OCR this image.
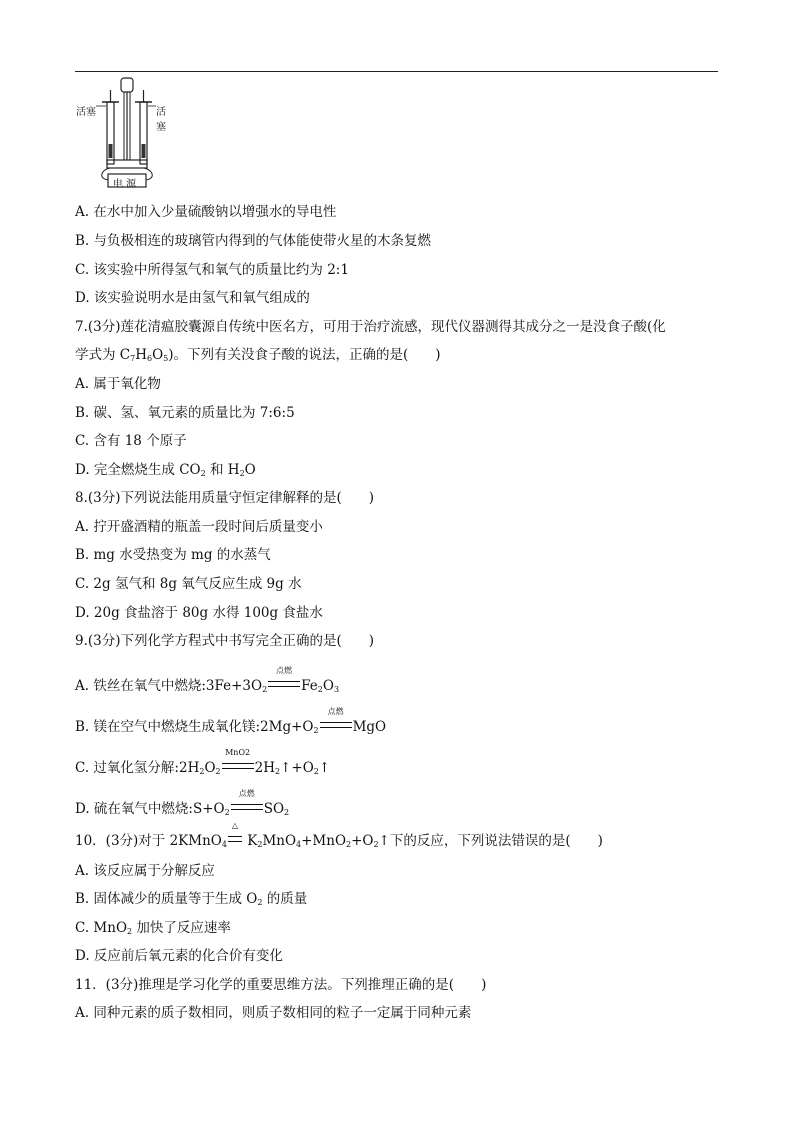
活塞	活塞
电 源
A. 在水中加入少量硫酸钠以增强水的导电性
B. 与负极相连的玻璃管内得到的气体能使带火星的木条复燃
C. 该实验中所得氢气和氧气的质量比约为 2:1
D. 该实验说明水是由氢气和氧气组成的
7.(3分)莲花清瘟胶囊源自传统中医名方，可用于治疗流感，现代仪器测得其成分之一是没食子酸(化
学式为 $C_7H_6O_5$)。下列有关没食子酸的说法，正确的是(　　)
A. 属于氧化物
B. 碳、氢、氧元素的质量比为 7:6:5
C. 含有 18 个原子
D. 完全燃烧生成 $CO_2$ 和 $H_2O$
8.(3分)下列说法能用质量守恒定律解释的是(　　)
A. 拧开盛酒精的瓶盖一段时间后质量变小
B. mg 水受热变为 mg 的水蒸气
C. 2g 氢气和 8g 氧气反应生成 9g 水
D. 20g 食盐溶于 80g 水得 100g 食盐水
9.(3分)下列化学方程式中书写完全正确的是(　　)
A. 铁丝在氧气中燃烧$:3Fe+3O_2$
点燃
$Fe_2O_3$
B. 镁在空气中燃烧生成氧化镁$:2Mg+O_2$
点燃
MgO
C. 过氧化氢分解$:2H_2O_2$
MnO2
$2H_2↑+O_2↑$
D. 硫在氧气中燃烧$:S+O_2$
点燃
$SO_2$
10．(3分)对于 2KMnO$_4$
△
$K_2MnO_4+MnO_2+O_2↑$下的反应，下列说法错误的是(　　)
A. 该反应属于分解反应
B. 固体减少的质量等于生成 $O_2$ 的质量
C. MnO$_2$ 加快了反应速率
D. 反应前后氧元素的化合价有变化
11．(3分)推理是学习化学的重要思维方法。下列推理正确的是(　　)
A. 同种元素的质子数相同，则质子数相同的粒子一定属于同种元素
